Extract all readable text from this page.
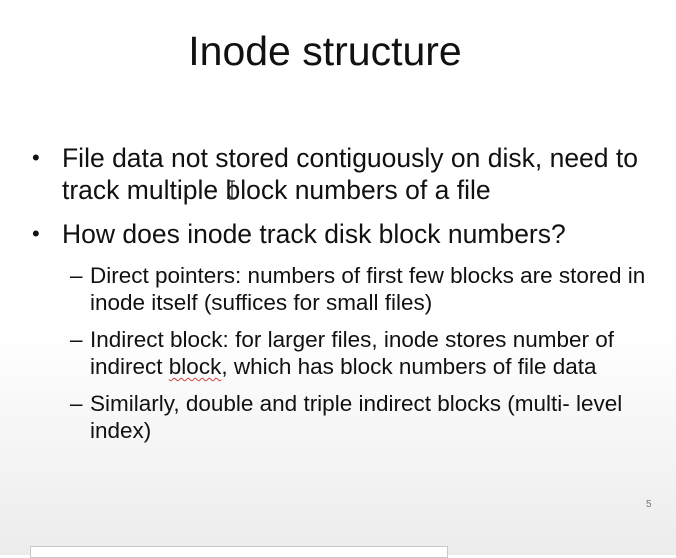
Inode structure
• File data not stored contiguously on disk, need to track multiple block numbers of a file
• How does inode track disk block numbers?
– Direct pointers: numbers of first few blocks are stored in inode itself (suffices for small files)
– Indirect block: for larger files, inode stores number of indirect block, which has block numbers of file data
– Similarly, double and triple indirect blocks (multi- level index)
5
